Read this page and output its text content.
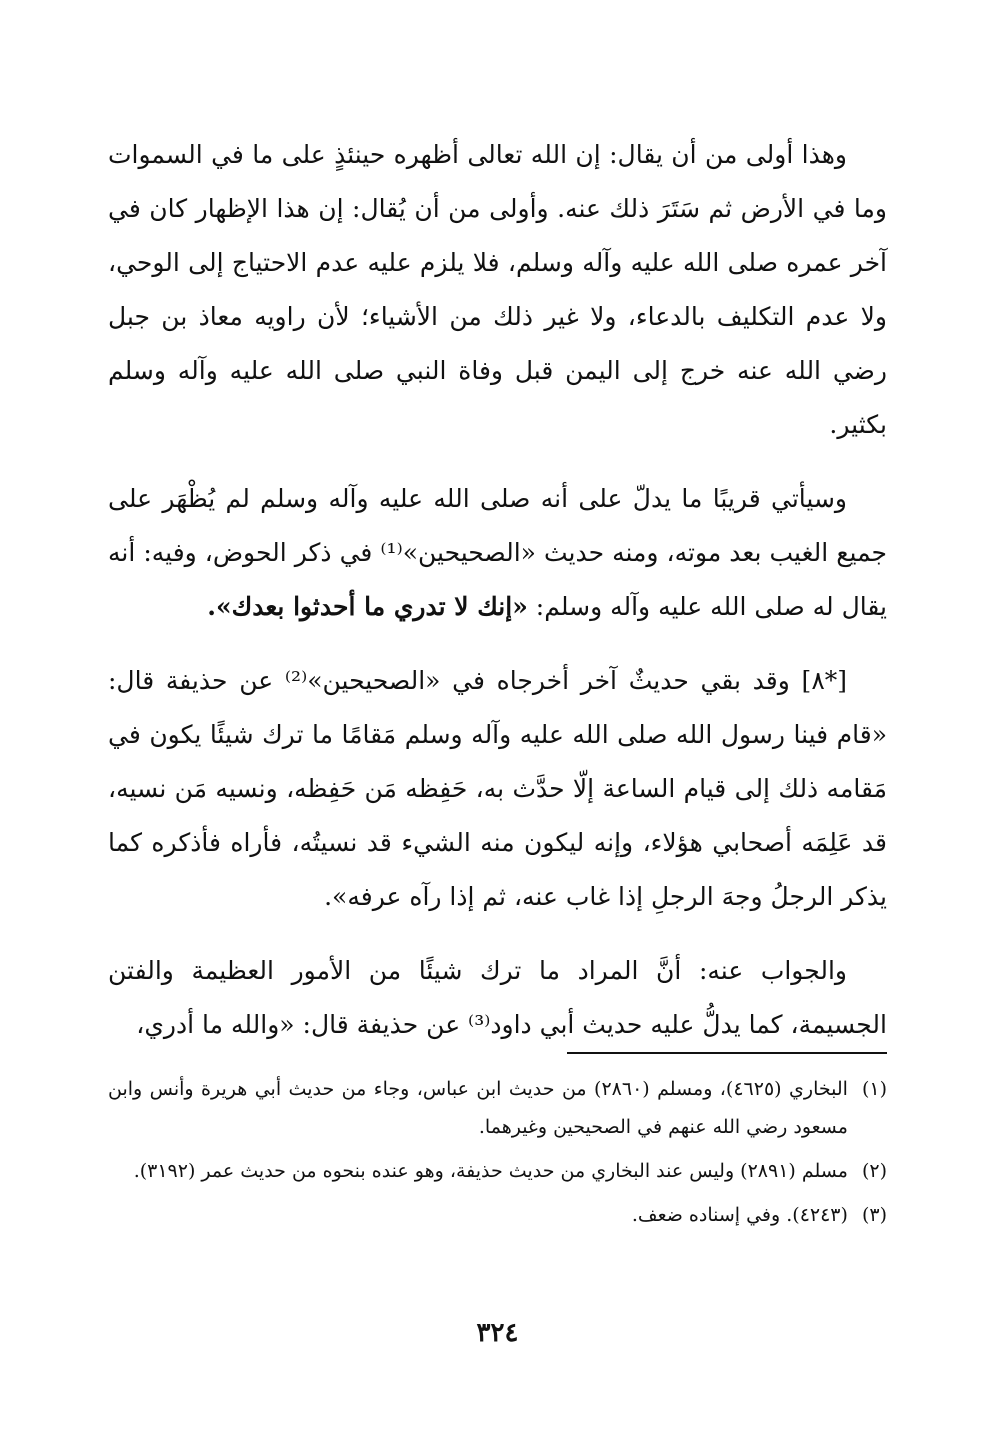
وهذا أولى من أن يقال: إن الله تعالى أظهره حينئذٍ على ما في السموات وما في الأرض ثم سَتَرَ ذلك عنه. وأولى من أن يُقال: إن هذا الإظهار كان في آخر عمره صلى الله عليه وآله وسلم، فلا يلزم عليه عدم الاحتياج إلى الوحي، ولا عدم التكليف بالدعاء، ولا غير ذلك من الأشياء؛ لأن راويه معاذ بن جبل رضي الله عنه خرج إلى اليمن قبل وفاة النبي صلى الله عليه وآله وسلم بكثير.

وسيأتي قريبًا ما يدلّ على أنه صلى الله عليه وآله وسلم لم يُظْهَر على جميع الغيب بعد موته، ومنه حديث «الصحيحين»⁽¹⁾ في ذكر الحوض، وفيه: أنه يقال له صلى الله عليه وآله وسلم: «إنك لا تدري ما أحدثوا بعدك».

[*٨] وقد بقي حديثٌ آخر أخرجاه في «الصحيحين»⁽²⁾ عن حذيفة قال: «قام فينا رسول الله صلى الله عليه وآله وسلم مَقامًا ما ترك شيئًا يكون في مَقامه ذلك إلى قيام الساعة إلّا حدَّث به، حَفِظه مَن حَفِظه، ونسيه مَن نسيه، قد عَلِمَه أصحابي هؤلاء، وإنه ليكون منه الشيء قد نسيتُه، فأراه فأذكره كما يذكر الرجلُ وجهَ الرجلِ إذا غاب عنه، ثم إذا رآه عرفه».

والجواب عنه: أنَّ المراد ما ترك شيئًا من الأمور العظيمة والفتن الجسيمة، كما يدلُّ عليه حديث أبي داود⁽³⁾ عن حذيفة قال: «والله ما أدري،

(١)
البخاري (٤٦٢٥)، ومسلم (٢٨٦٠) من حديث ابن عباس، وجاء من حديث أبي هريرة وأنس وابن مسعود رضي الله عنهم في الصحيحين وغيرهما.
(٢)
مسلم (٢٨٩١) وليس عند البخاري من حديث حذيفة، وهو عنده بنحوه من حديث عمر (٣١٩٢).
(٣)
(٤٢٤٣). وفي إسناده ضعف.
٣٢٤
